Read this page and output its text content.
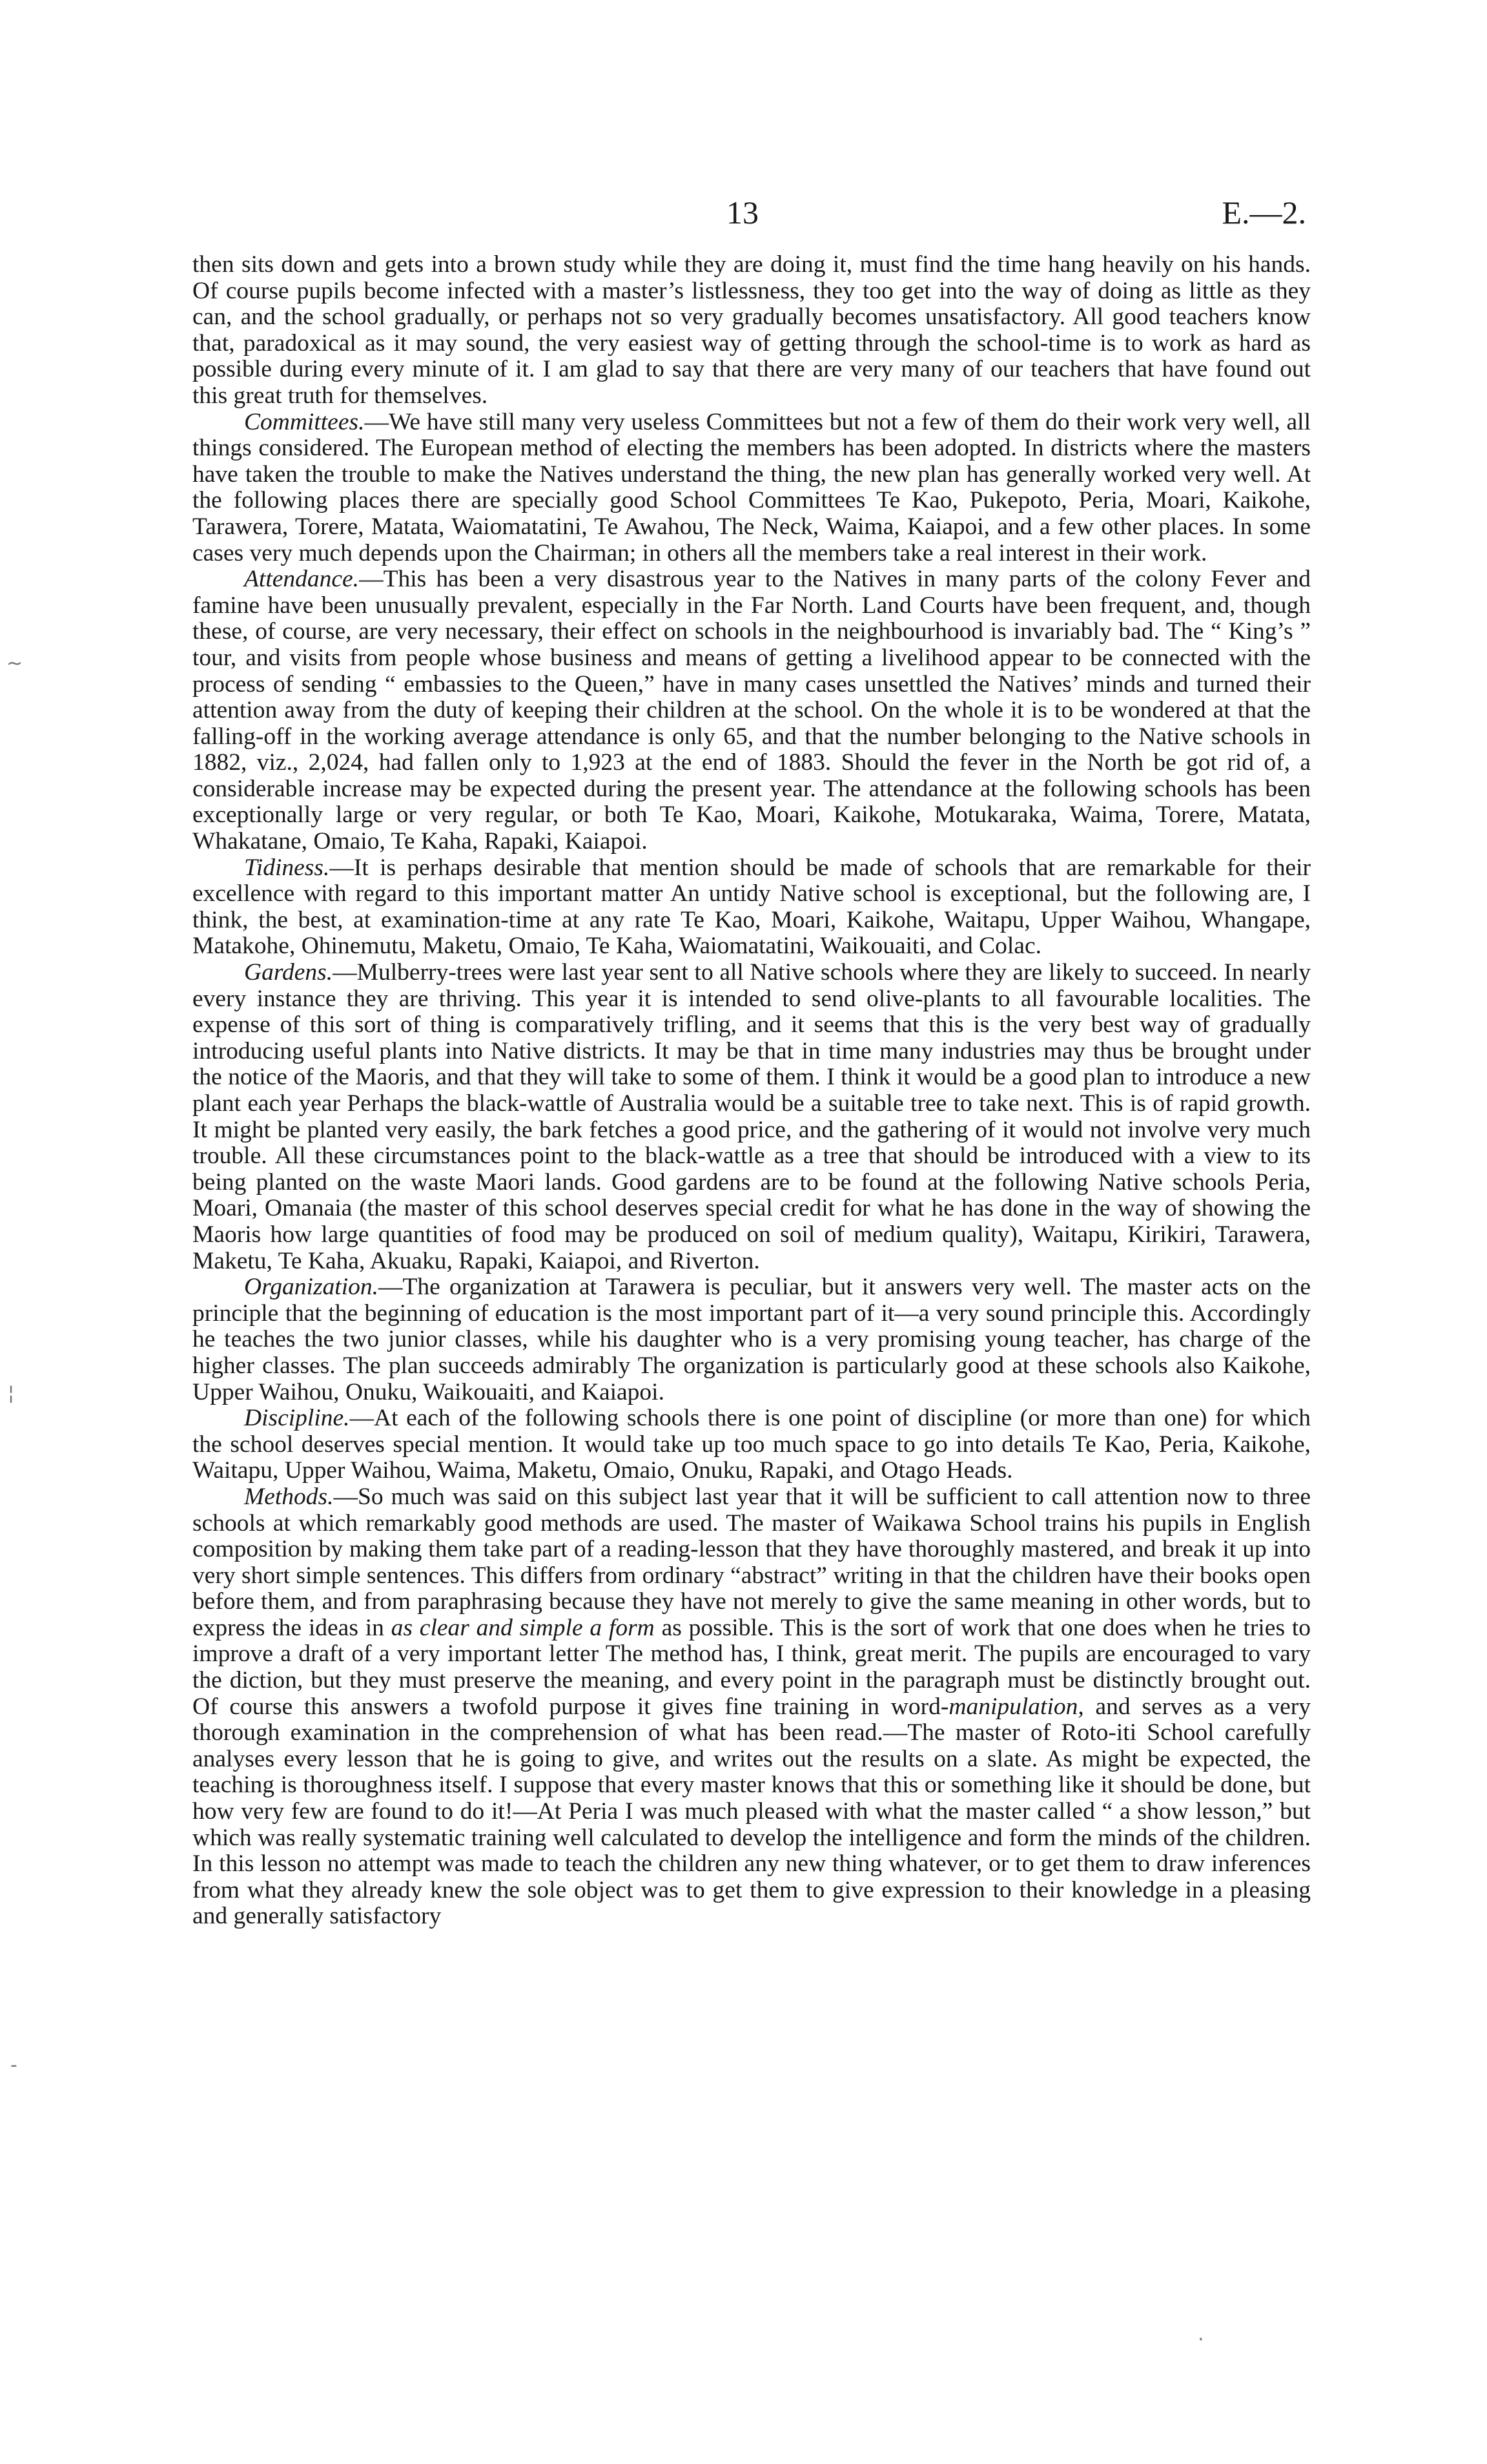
13	E.—2.

then sits down and gets into a brown study while they are doing it, must find the time hang heavily on his hands. Of course pupils become infected with a master’s listlessness, they too get into the way of doing as little as they can, and the school gradually, or perhaps not so very gradually becomes unsatisfactory. All good teachers know that, paradoxical as it may sound, the very easiest way of getting through the school-time is to work as hard as possible during every minute of it. I am glad to say that there are very many of our teachers that have found out this great truth for themselves.

Committees.—We have still many very useless Committees but not a few of them do their work very well, all things considered. The European method of electing the members has been adopted. In districts where the masters have taken the trouble to make the Natives understand the thing, the new plan has generally worked very well. At the following places there are specially good School Committees Te Kao, Pukepoto, Peria, Moari, Kaikohe, Tarawera, Torere, Matata, Waiomatatini, Te Awahou, The Neck, Waima, Kaiapoi, and a few other places. In some cases very much depends upon the Chairman; in others all the members take a real interest in their work.

Attendance.—This has been a very disastrous year to the Natives in many parts of the colony Fever and famine have been unusually prevalent, especially in the Far North. Land Courts have been frequent, and, though these, of course, are very necessary, their effect on schools in the neighbourhood is invariably bad. The “ King’s ” tour, and visits from people whose business and means of getting a livelihood appear to be connected with the process of sending “ embassies to the Queen,” have in many cases unsettled the Natives’ minds and turned their attention away from the duty of keeping their children at the school. On the whole it is to be wondered at that the falling-off in the working average attendance is only 65, and that the number belonging to the Native schools in 1882, viz., 2,024, had fallen only to 1,923 at the end of 1883. Should the fever in the North be got rid of, a considerable increase may be expected during the present year. The attendance at the following schools has been exceptionally large or very regular, or both Te Kao, Moari, Kaikohe, Motukaraka, Waima, Torere, Matata, Whakatane, Omaio, Te Kaha, Rapaki, Kaiapoi.

Tidiness.—It is perhaps desirable that mention should be made of schools that are remarkable for their excellence with regard to this important matter An untidy Native school is exceptional, but the following are, I think, the best, at examination-time at any rate Te Kao, Moari, Kaikohe, Waitapu, Upper Waihou, Whangape, Matakohe, Ohinemutu, Maketu, Omaio, Te Kaha, Waiomatatini, Waikouaiti, and Colac.

Gardens.—Mulberry-trees were last year sent to all Native schools where they are likely to succeed. In nearly every instance they are thriving. This year it is intended to send olive-plants to all favourable localities. The expense of this sort of thing is comparatively trifling, and it seems that this is the very best way of gradually introducing useful plants into Native districts. It may be that in time many industries may thus be brought under the notice of the Maoris, and that they will take to some of them. I think it would be a good plan to introduce a new plant each year Perhaps the black-wattle of Australia would be a suitable tree to take next. This is of rapid growth. It might be planted very easily, the bark fetches a good price, and the gathering of it would not involve very much trouble. All these circumstances point to the black-wattle as a tree that should be introduced with a view to its being planted on the waste Maori lands. Good gardens are to be found at the following Native schools Peria, Moari, Omanaia (the master of this school deserves special credit for what he has done in the way of showing the Maoris how large quantities of food may be produced on soil of medium quality), Waitapu, Kirikiri, Tarawera, Maketu, Te Kaha, Akuaku, Rapaki, Kaiapoi, and Riverton.

Organization.—The organization at Tarawera is peculiar, but it answers very well. The master acts on the principle that the beginning of education is the most important part of it—a very sound principle this. Accordingly he teaches the two junior classes, while his daughter who is a very promising young teacher, has charge of the higher classes. The plan succeeds admirably The organization is particularly good at these schools also Kaikohe, Upper Waihou, Onuku, Waikouaiti, and Kaiapoi.

Discipline.—At each of the following schools there is one point of discipline (or more than one) for which the school deserves special mention. It would take up too much space to go into details Te Kao, Peria, Kaikohe, Waitapu, Upper Waihou, Waima, Maketu, Omaio, Onuku, Rapaki, and Otago Heads.

Methods.—So much was said on this subject last year that it will be sufficient to call attention now to three schools at which remarkably good methods are used. The master of Waikawa School trains his pupils in English composition by making them take part of a reading-lesson that they have thoroughly mastered, and break it up into very short simple sentences. This differs from ordinary “abstract” writing in that the children have their books open before them, and from paraphrasing because they have not merely to give the same meaning in other words, but to express the ideas in as clear and simple a form as possible. This is the sort of work that one does when he tries to improve a draft of a very important letter The method has, I think, great merit. The pupils are encouraged to vary the diction, but they must preserve the meaning, and every point in the paragraph must be distinctly brought out. Of course this answers a twofold purpose it gives fine training in word-manipulation, and serves as a very thorough examination in the comprehension of what has been read.—The master of Roto-iti School carefully analyses every lesson that he is going to give, and writes out the results on a slate. As might be expected, the teaching is thoroughness itself. I suppose that every master knows that this or something like it should be done, but how very few are found to do it!—At Peria I was much pleased with what the master called “ a show lesson,” but which was really systematic training well calculated to develop the intelligence and form the minds of the children. In this lesson no attempt was made to teach the children any new thing whatever, or to get them to draw inferences from what they already knew the sole object was to get them to give expression to their knowledge in a pleasing and generally satisfactory

~
¦
-
·
